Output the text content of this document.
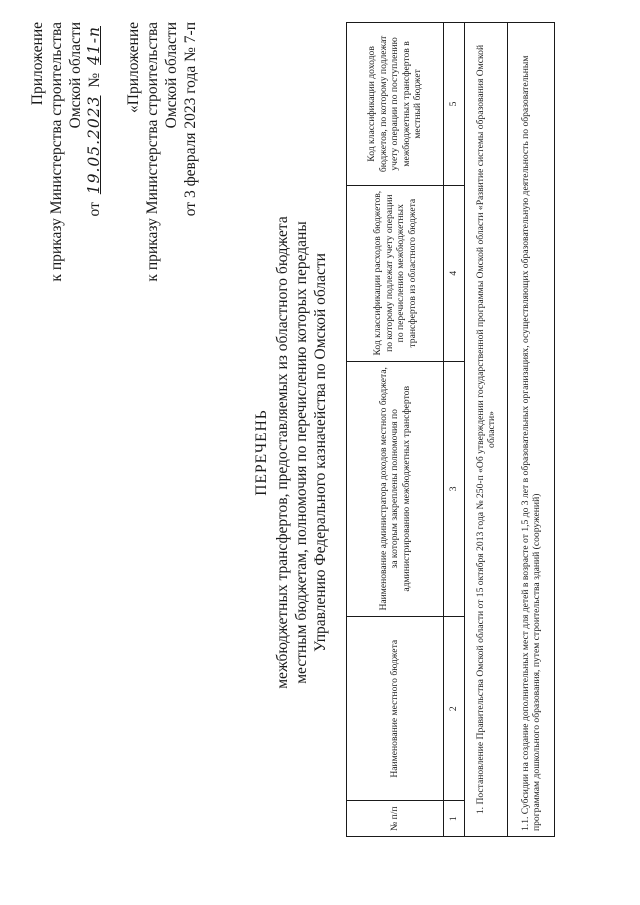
Приложение к приказу Министерства строительства Омской области
от 19.05.2023 № 41-п «Приложение к приказу Министерства строительства Омской области от 3 февраля 2023 года № 7-п
ПЕРЕЧЕНЬ межбюджетных трансфертов, предоставляемых из областного бюджета местным бюджетам, полномочия по перечислению которых переданы Управлению Федерального казначейства по Омской области
№ п/п	Наименование местного бюджета	Наименование администратора доходов местного бюджета, за которым закреплены полномочия по администрированию межбюджетных трансфертов	Код классификации расходов бюджетов, по которому подлежат учету операции по перечислению межбюджетных трансфертов из областного бюджета	Код классификации доходов бюджетов, по которому подлежат учету операции по поступлению межбюджетных трансфертов в местный бюджет
1	2	3	4	5
1. Постановление Правительства Омской области от 15 октября 2013 года № 250-п «Об утверждении государственной программы Омской области «Развитие системы образования Омской области»				
1.1. Субсидии на создание дополнительных мест для детей в возрасте от 1,5 до 3 лет в образовательных организациях, осуществляющих образовательную деятельность по образовательным программам дошкольного образования, путем строительства зданий (сооружений)				
